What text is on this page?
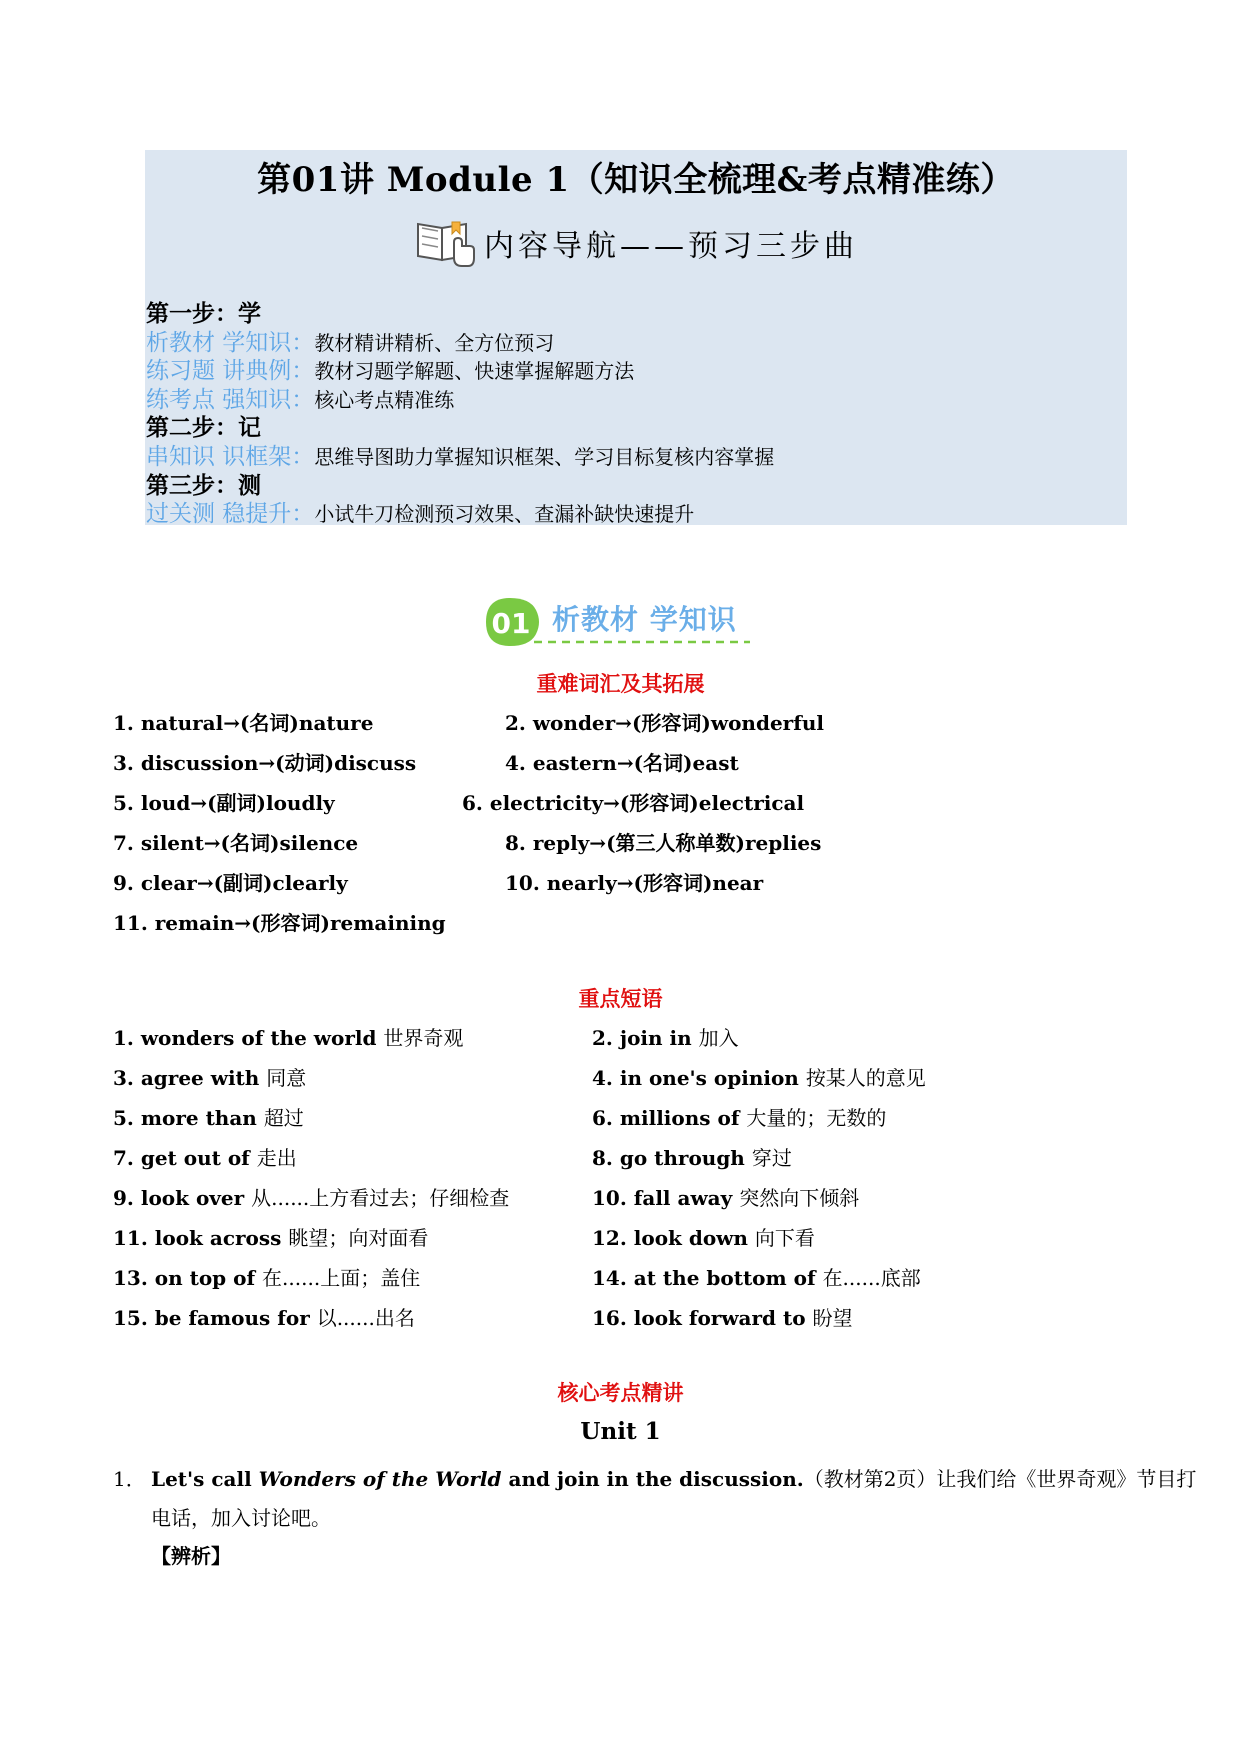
第01讲 Module 1（知识全梳理&考点精准练）
内容导航——预习三步曲
第一步：学
析教材 学知识：教材精讲精析、全方位预习
练习题 讲典例：教材习题学解题、快速掌握解题方法
练考点 强知识：核心考点精准练
第二步：记
串知识 识框架：思维导图助力掌握知识框架、学习目标复核内容掌握
第三步：测
过关测 稳提升：小试牛刀检测预习效果、查漏补缺快速提升
01 析教材 学知识
重难词汇及其拓展
1. natural→(名词)nature	2. wonder→(形容词)wonderful
3. discussion→(动词)discuss	4. eastern→(名词)east
5. loud→(副词)loudly	6. electricity→(形容词)electrical
7. silent→(名词)silence	8. reply→(第三人称单数)replies
9. clear→(副词)clearly	10. nearly→(形容词)near
11. remain→(形容词)remaining
重点短语
1. wonders of the world 世界奇观	2. join in 加入
3. agree with 同意	4. in one's opinion 按某人的意见
5. more than 超过	6. millions of 大量的；无数的
7. get out of 走出	8. go through 穿过
9. look over 从......上方看过去；仔细检查	10. fall away 突然向下倾斜
11. look across 眺望；向对面看	12. look down 向下看
13. on top of 在......上面；盖住	14. at the bottom of 在......底部
15. be famous for 以......出名	16. look forward to 盼望
核心考点精讲
Unit 1
1． Let's call Wonders of the World and join in the discussion.（教材第2页）让我们给《世界奇观》节目打
电话，加入讨论吧。
【辨析】
